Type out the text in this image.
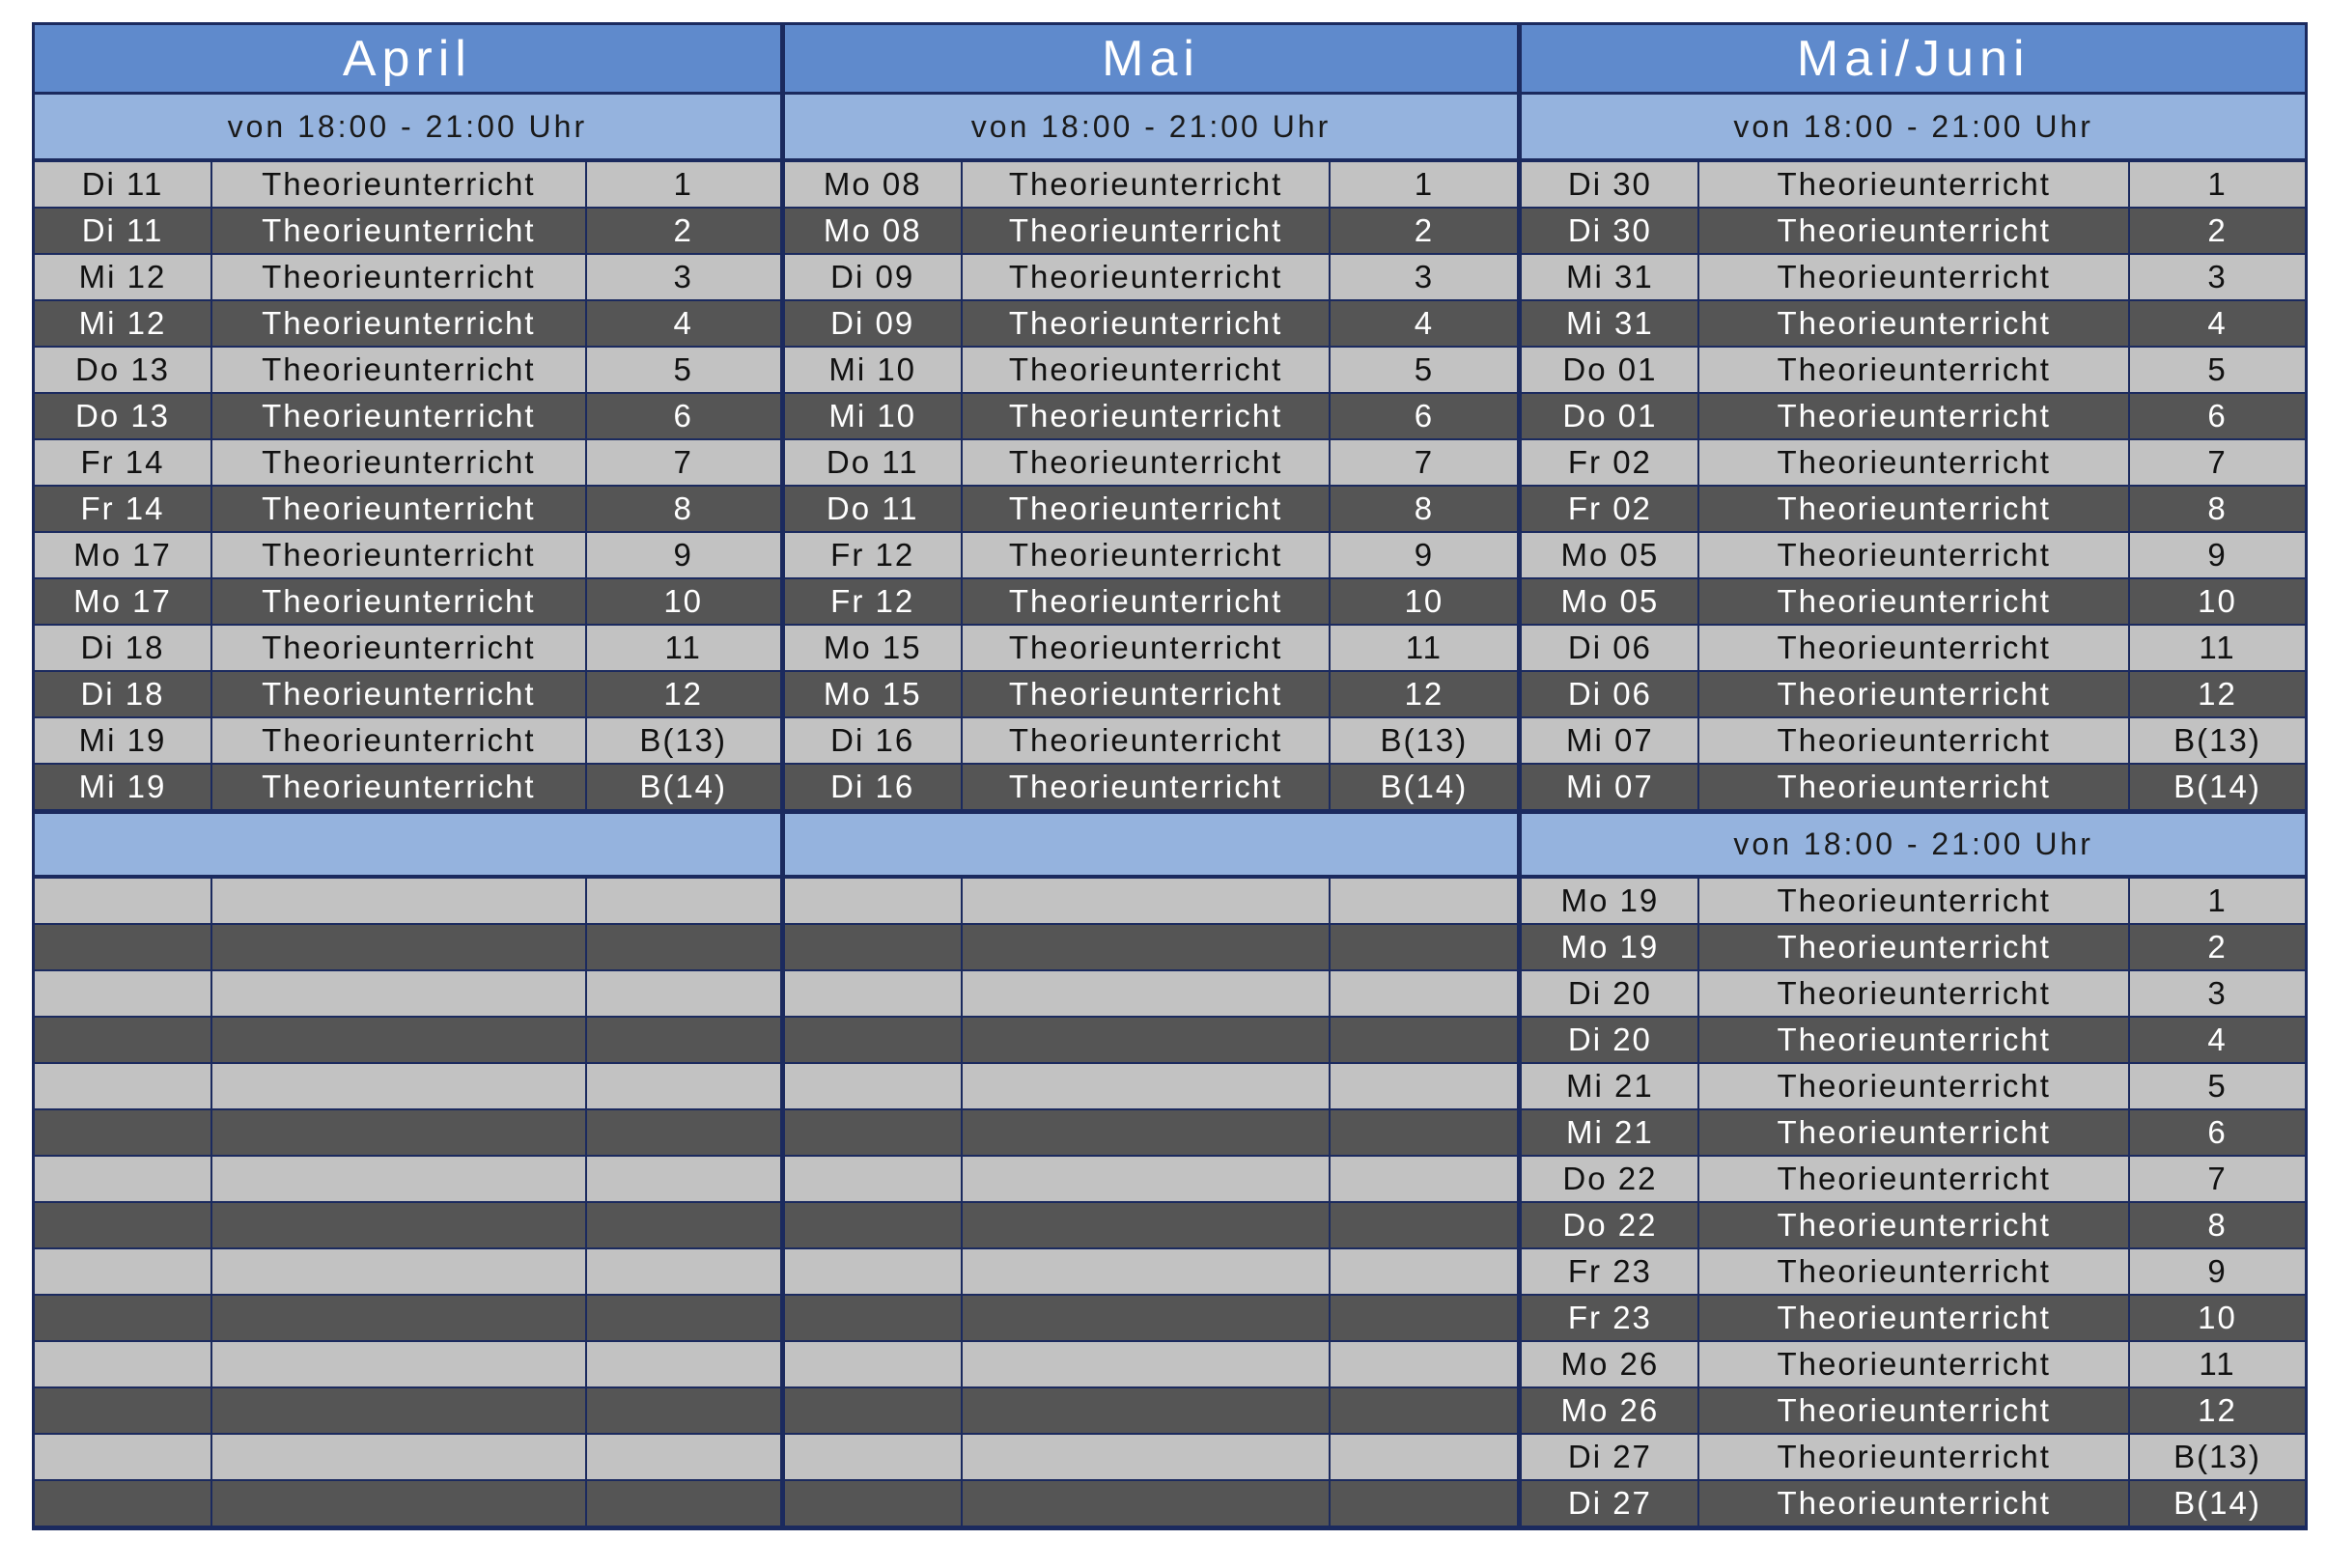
April
von 18:00 - 21:00 Uhr
Di 11	Theorieunterricht	1
Di 11	Theorieunterricht	2
Mi 12	Theorieunterricht	3
Mi 12	Theorieunterricht	4
Do 13	Theorieunterricht	5
Do 13	Theorieunterricht	6
Fr 14	Theorieunterricht	7
Fr 14	Theorieunterricht	8
Mo 17	Theorieunterricht	9
Mo 17	Theorieunterricht	10
Di 18	Theorieunterricht	11
Di 18	Theorieunterricht	12
Mi 19	Theorieunterricht	B(13)
Mi 19	Theorieunterricht	B(14)
Mai
von 18:00 - 21:00 Uhr
Mo 08	Theorieunterricht	1
Mo 08	Theorieunterricht	2
Di 09	Theorieunterricht	3
Di 09	Theorieunterricht	4
Mi 10	Theorieunterricht	5
Mi 10	Theorieunterricht	6
Do 11	Theorieunterricht	7
Do 11	Theorieunterricht	8
Fr 12	Theorieunterricht	9
Fr 12	Theorieunterricht	10
Mo 15	Theorieunterricht	11
Mo 15	Theorieunterricht	12
Di 16	Theorieunterricht	B(13)
Di 16	Theorieunterricht	B(14)
Mai/Juni
von 18:00 - 21:00 Uhr
Di 30	Theorieunterricht	1
Di 30	Theorieunterricht	2
Mi 31	Theorieunterricht	3
Mi 31	Theorieunterricht	4
Do 01	Theorieunterricht	5
Do 01	Theorieunterricht	6
Fr 02	Theorieunterricht	7
Fr 02	Theorieunterricht	8
Mo 05	Theorieunterricht	9
Mo 05	Theorieunterricht	10
Di 06	Theorieunterricht	11
Di 06	Theorieunterricht	12
Mi 07	Theorieunterricht	B(13)
Mi 07	Theorieunterricht	B(14)
von 18:00 - 21:00 Uhr
Mo 19	Theorieunterricht	1
Mo 19	Theorieunterricht	2
Di 20	Theorieunterricht	3
Di 20	Theorieunterricht	4
Mi 21	Theorieunterricht	5
Mi 21	Theorieunterricht	6
Do 22	Theorieunterricht	7
Do 22	Theorieunterricht	8
Fr 23	Theorieunterricht	9
Fr 23	Theorieunterricht	10
Mo 26	Theorieunterricht	11
Mo 26	Theorieunterricht	12
Di 27	Theorieunterricht	B(13)
Di 27	Theorieunterricht	B(14)
